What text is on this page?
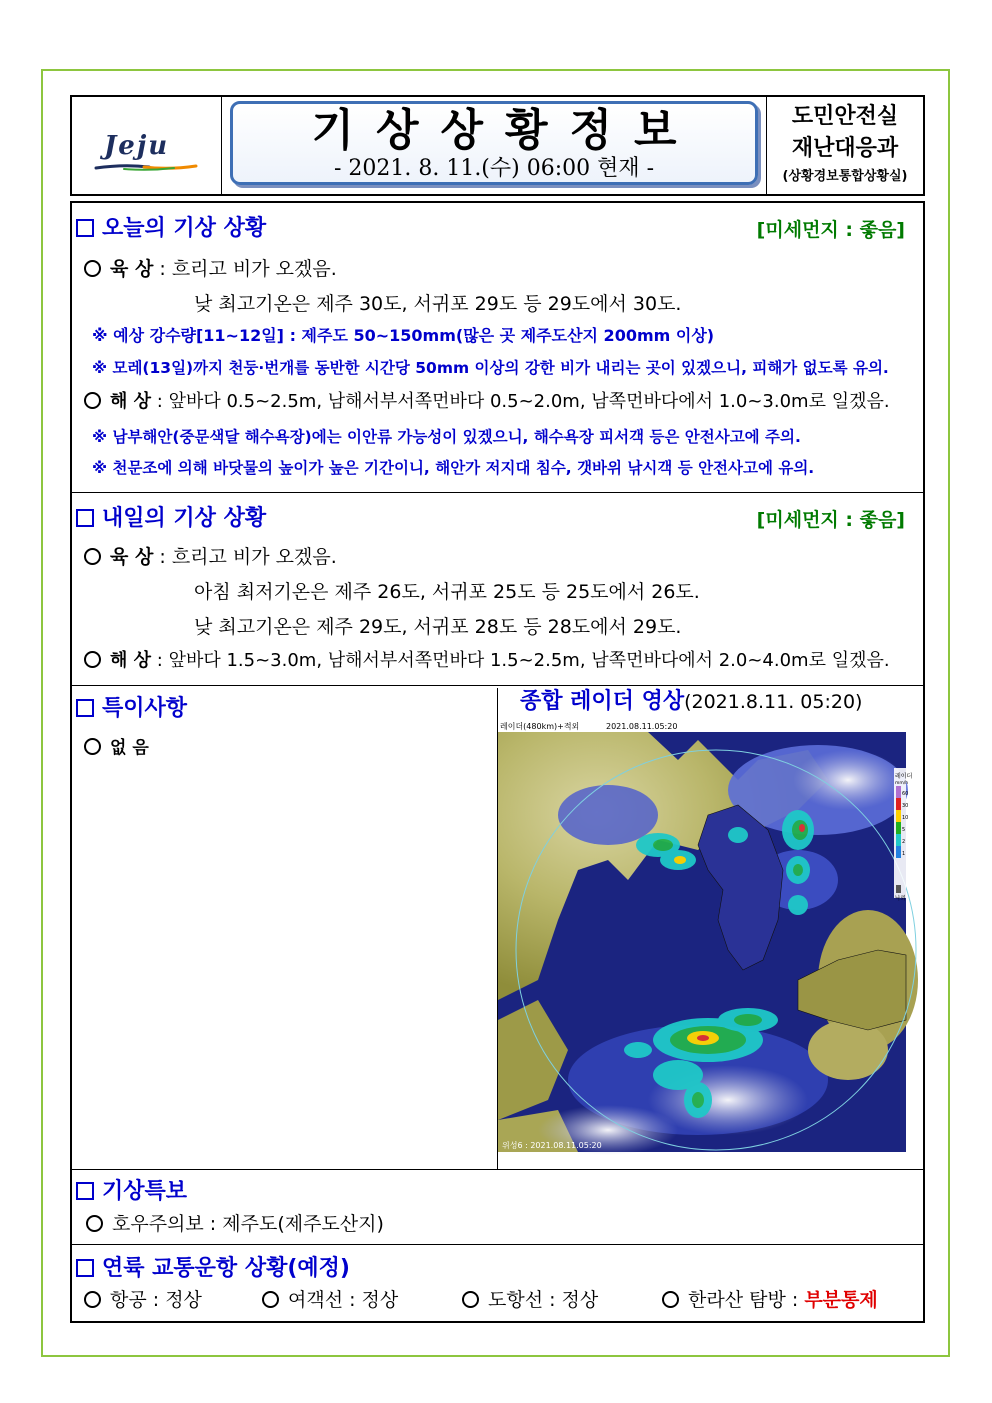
Jeju	기상상황정보
- 2021. 8. 11.(수) 06:00 현재 -
도민안전실
재난대응과
(상황경보통합상황실)
오늘의 기상 상황	[미세먼지 : 좋음]
육 상 : 흐리고 비가 오겠음.
낮 최고기온은 제주 30도, 서귀포 29도 등 29도에서 30도.
※ 예상 강수량[11~12일] : 제주도 50~150mm(많은 곳 제주도산지 200mm 이상)
※ 모레(13일)까지 천둥·번개를 동반한 시간당 50mm 이상의 강한 비가 내리는 곳이 있겠으니, 피해가 없도록 유의.
해 상 : 앞바다 0.5~2.5m, 남해서부서쪽먼바다 0.5~2.0m, 남쪽먼바다에서 1.0~3.0m로 일겠음.
※ 남부해안(중문색달 해수욕장)에는 이안류 가능성이 있겠으니, 해수욕장 피서객 등은 안전사고에 주의.
※ 천문조에 의해 바닷물의 높이가 높은 기간이니, 해안가 저지대 침수, 갯바위 낚시객 등 안전사고에 유의.
내일의 기상 상황	[미세먼지 : 좋음]
육 상 : 흐리고 비가 오겠음.
아침 최저기온은 제주 26도, 서귀포 25도 등 25도에서 26도.
낮 최고기온은 제주 29도, 서귀포 28도 등 28도에서 29도.
해 상 : 앞바다 1.5~3.0m, 남해서부서쪽먼바다 1.5~2.5m, 남쪽먼바다에서 2.0~4.0m로 일겠음.
특이사항
없 음
종합 레이더 영상(2021.8.11. 05:20)
레이더(480km)+적외	2021.08.11.05:20
레이더
mm/h
60
30
10
5
2
1
낙뢰
위성6 : 2021.08.11.05:20
기상특보
호우주의보 : 제주도(제주도산지)
연륙 교통운항 상황(예정)
항공 : 정상	여객선 : 정상	도항선 : 정상	한라산 탐방 : 부분통제
